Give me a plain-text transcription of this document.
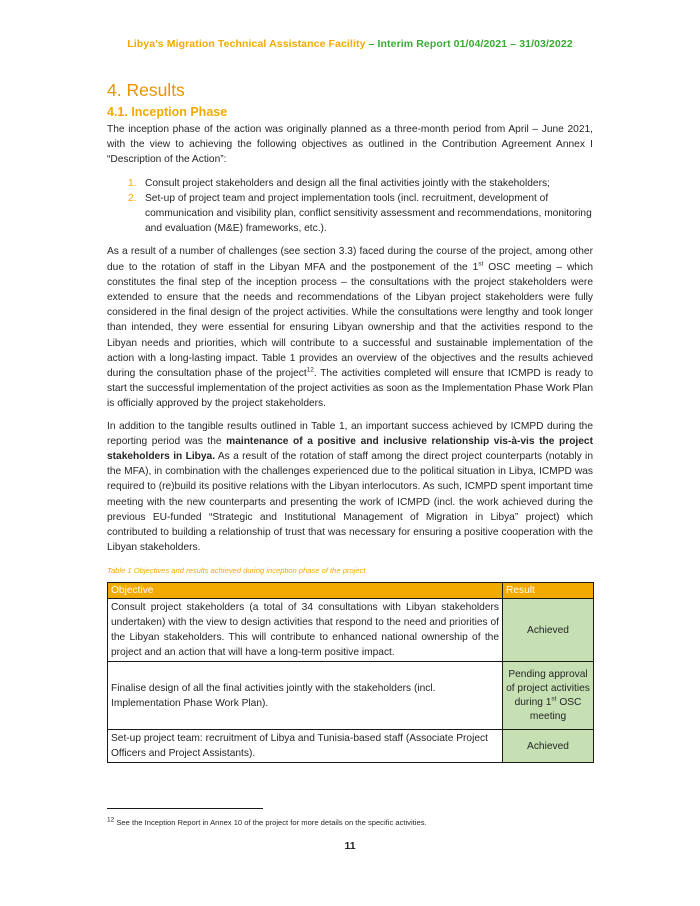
Libya’s Migration Technical Assistance Facility – Interim Report 01/04/2021 – 31/03/2022
4. Results
4.1. Inception Phase

The inception phase of the action was originally planned as a three-month period from April – June 2021, with the view to achieving the following objectives as outlined in the Contribution Agreement Annex I “Description of the Action”:

1. Consult project stakeholders and design all the final activities jointly with the stakeholders;
2. Set-up of project team and project implementation tools (incl. recruitment, development of communication and visibility plan, conflict sensitivity assessment and recommendations, monitoring and evaluation (M&E) frameworks, etc.).

As a result of a number of challenges (see section 3.3) faced during the course of the project, among other due to the rotation of staff in the Libyan MFA and the postponement of the 1st OSC meeting – which constitutes the final step of the inception process – the consultations with the project stakeholders were extended to ensure that the needs and recommendations of the Libyan project stakeholders were fully considered in the final design of the project activities. While the consultations were lengthy and took longer than intended, they were essential for ensuring Libyan ownership and that the activities respond to the Libyan needs and priorities, which will contribute to a successful and sustainable implementation of the action with a long-lasting impact. Table 1 provides an overview of the objectives and the results achieved during the consultation phase of the project$^{12}$. The activities completed will ensure that ICMPD is ready to start the successful implementation of the project activities as soon as the Implementation Phase Work Plan is officially approved by the project stakeholders.

In addition to the tangible results outlined in Table 1, an important success achieved by ICMPD during the reporting period was the maintenance of a positive and inclusive relationship vis-à-vis the project stakeholders in Libya. As a result of the rotation of staff among the direct project counterparts (notably in the MFA), in combination with the challenges experienced due to the political situation in Libya, ICMPD was required to (re)build its positive relations with the Libyan interlocutors. As such, ICMPD spent important time meeting with the new counterparts and presenting the work of ICMPD (incl. the work achieved during the previous EU-funded “Strategic and Institutional Management of Migration in Libya” project) which contributed to building a relationship of trust that was necessary for ensuring a positive cooperation with the Libyan stakeholders.

Table 1 Objectives and results achieved during inception phase of the project
Objective	Result
Consult project stakeholders (a total of 34 consultations with Libyan stakeholders undertaken) with the view to design activities that respond to the need and priorities of the Libyan stakeholders. This will contribute to enhanced national ownership of the project and an action that will have a long-term positive impact.	Achieved
Finalise design of all the final activities jointly with the stakeholders (incl. Implementation Phase Work Plan).	Pending approval of project activities during 1st OSC meeting
Set-up project team: recruitment of Libya and Tunisia-based staff (Associate Project Officers and Project Assistants).	Achieved
$^{12}$ See the Inception Report in Annex 10 of the project for more details on the specific activities.
11
